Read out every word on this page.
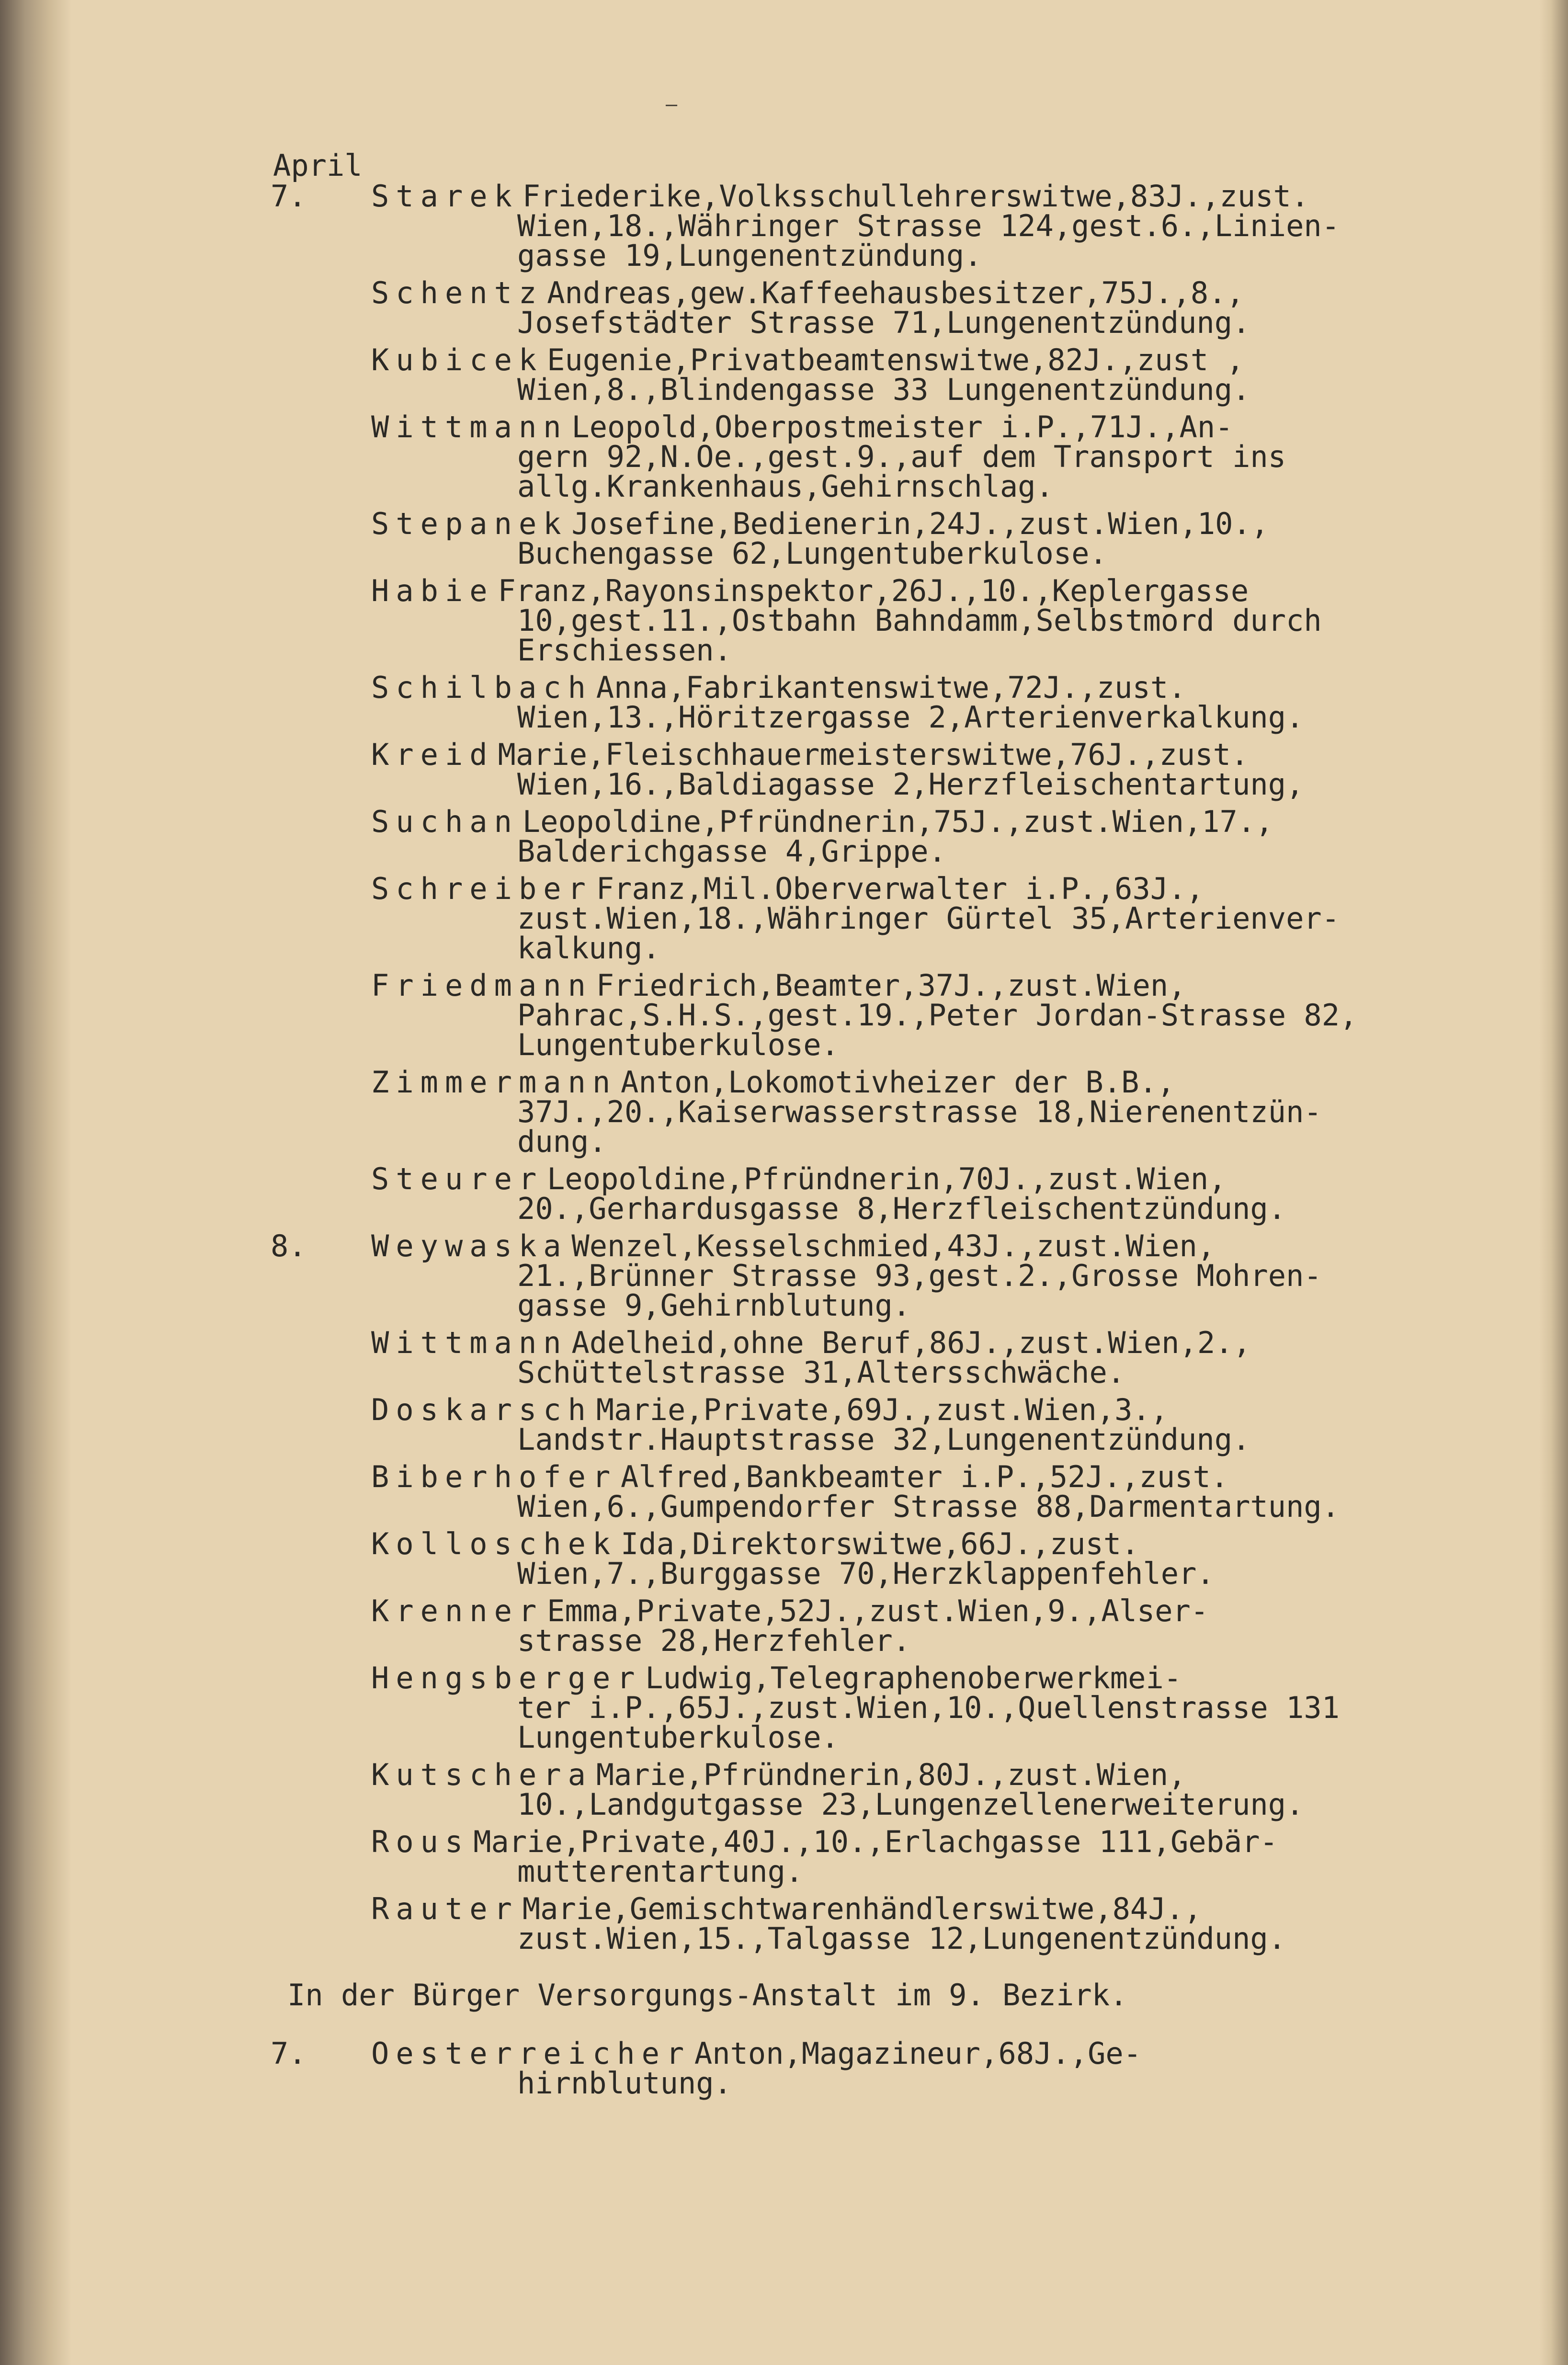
–
April
7. Starek Friederike,Volksschullehrerswitwe,83J.,zust.
Wien,18.,Währinger Strasse 124,gest.6.,Linien-
gasse 19,Lungenentzündung.
Schentz Andreas,gew.Kaffeehausbesitzer,75J.,8.,
Josefstädter Strasse 71,Lungenentzündung.
Kubicek Eugenie,Privatbeamtenswitwe,82J.,zust ,
Wien,8.,Blindengasse 33 Lungenentzündung.
Wittmann Leopold,Oberpostmeister i.P.,71J.,An-
gern 92,N.Oe.,gest.9.,auf dem Transport ins
allg.Krankenhaus,Gehirnschlag.
Stepanek Josefine,Bedienerin,24J.,zust.Wien,10.,
Buchengasse 62,Lungentuberkulose.
Habie Franz,Rayonsinspektor,26J.,10.,Keplergasse
10,gest.11.,Ostbahn Bahndamm,Selbstmord durch
Erschiessen.
Schilbach Anna,Fabrikantenswitwe,72J.,zust.
Wien,13.,Höritzergasse 2,Arterienverkalkung.
Kreid Marie,Fleischhauermeisterswitwe,76J.,zust.
Wien,16.,Baldiagasse 2,Herzfleischentartung,
Suchan Leopoldine,Pfründnerin,75J.,zust.Wien,17.,
Balderichgasse 4,Grippe.
Schreiber Franz,Mil.Oberverwalter i.P.,63J.,
zust.Wien,18.,Währinger Gürtel 35,Arterienver-
kalkung.
Friedmann Friedrich,Beamter,37J.,zust.Wien,
Pahrac,S.H.S.,gest.19.,Peter Jordan-Strasse 82,
Lungentuberkulose.
Zimmermann Anton,Lokomotivheizer der B.B.,
37J.,20.,Kaiserwasserstrasse 18,Nierenentzün-
dung.
Steurer Leopoldine,Pfründnerin,70J.,zust.Wien,
20.,Gerhardusgasse 8,Herzfleischentzündung.
8. Weywaska Wenzel,Kesselschmied,43J.,zust.Wien,
21.,Brünner Strasse 93,gest.2.,Grosse Mohren-
gasse 9,Gehirnblutung.
Wittmann Adelheid,ohne Beruf,86J.,zust.Wien,2.,
Schüttelstrasse 31,Altersschwäche.
Doskarsch Marie,Private,69J.,zust.Wien,3.,
Landstr.Hauptstrasse 32,Lungenentzündung.
Biberhofer Alfred,Bankbeamter i.P.,52J.,zust.
Wien,6.,Gumpendorfer Strasse 88,Darmentartung.
Kolloschek Ida,Direktorswitwe,66J.,zust.
Wien,7.,Burggasse 70,Herzklappenfehler.
Krenner Emma,Private,52J.,zust.Wien,9.,Alser-
strasse 28,Herzfehler.
Hengsberger Ludwig,Telegraphenoberwerkmei-
ter i.P.,65J.,zust.Wien,10.,Quellenstrasse 131
Lungentuberkulose.
Kutschera Marie,Pfründnerin,80J.,zust.Wien,
10.,Landgutgasse 23,Lungenzellenerweiterung.
Rous Marie,Private,40J.,10.,Erlachgasse 111,Gebär-
mutterentartung.
Rauter Marie,Gemischtwarenhändlerswitwe,84J.,
zust.Wien,15.,Talgasse 12,Lungenentzündung.
In der Bürger Versorgungs-Anstalt im 9. Bezirk.
7. Oesterreicher Anton,Magazineur,68J.,Ge-
hirnblutung.
